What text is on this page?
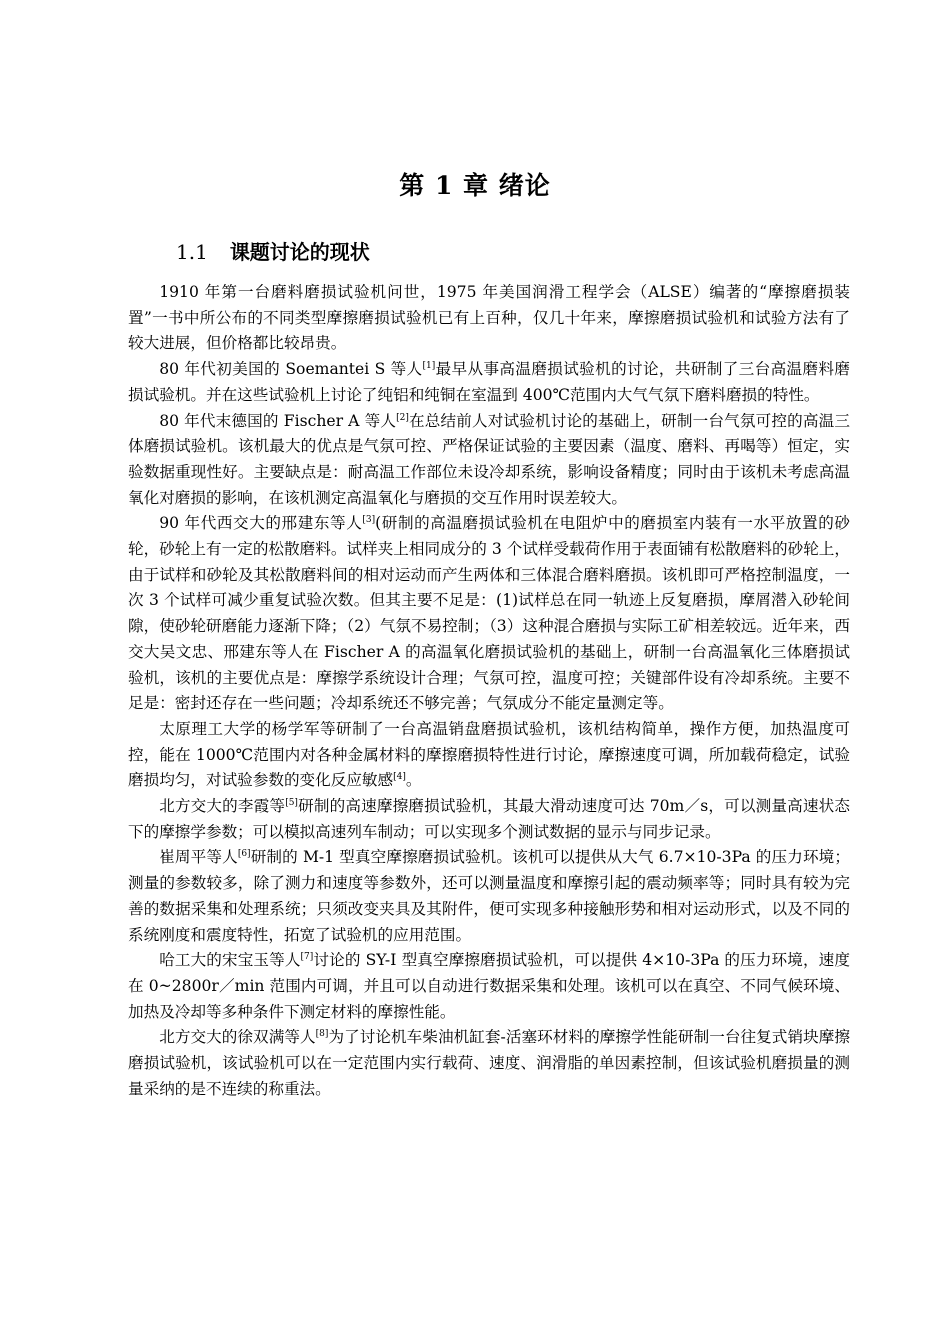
第 1 章 绪论
1.1 课题讨论的现状

1910 年第一台磨料磨损试验机问世，1975 年美国润滑工程学会（ALSE）编著的“摩擦磨损装置”一书中所公布的不同类型摩擦磨损试验机已有上百种，仅几十年来，摩擦磨损试验机和试验方法有了较大进展，但价格都比较昂贵。

80 年代初美国的 Soemantei S 等人[1]最早从事高温磨损试验机的讨论，共研制了三台高温磨料磨损试验机。并在这些试验机上讨论了纯铝和纯铜在室温到 400℃范围内大气气氛下磨料磨损的特性。

80 年代末德国的 Fischer A 等人[2]在总结前人对试验机讨论的基础上，研制一台气氛可控的高温三体磨损试验机。该机最大的优点是气氛可控、严格保证试验的主要因素（温度、磨料、再喝等）恒定，实验数据重现性好。主要缺点是：耐高温工作部位未设冷却系统，影响设备精度；同时由于该机未考虑高温氧化对磨损的影响，在该机测定高温氧化与磨损的交互作用时误差较大。

90 年代西交大的邢建东等人[3](研制的高温磨损试验机在电阻炉中的磨损室内装有一水平放置的砂轮，砂轮上有一定的松散磨料。试样夹上相同成分的 3 个试样受载荷作用于表面铺有松散磨料的砂轮上，由于试样和砂轮及其松散磨料间的相对运动而产生两体和三体混合磨料磨损。该机即可严格控制温度，一次 3 个试样可减少重复试验次数。但其主要不足是：(1)试样总在同一轨迹上反复磨损，摩屑潜入砂轮间隙，使砂轮研磨能力逐渐下降；（2）气氛不易控制；（3）这种混合磨损与实际工矿相差较远。近年来，西交大吴文忠、邢建东等人在 Fischer A 的高温氧化磨损试验机的基础上，研制一台高温氧化三体磨损试验机，该机的主要优点是：摩擦学系统设计合理；气氛可控，温度可控；关键部件设有冷却系统。主要不足是：密封还存在一些问题；冷却系统还不够完善；气氛成分不能定量测定等。

太原理工大学的杨学军等研制了一台高温销盘磨损试验机，该机结构简单，操作方便，加热温度可控，能在 1000℃范围内对各种金属材料的摩擦磨损特性进行讨论，摩擦速度可调，所加载荷稳定，试验磨损均匀，对试验参数的变化反应敏感[4]。

北方交大的李霞等[5]研制的高速摩擦磨损试验机，其最大滑动速度可达 70m／s，可以测量高速状态下的摩擦学参数；可以模拟高速列车制动；可以实现多个测试数据的显示与同步记录。

崔周平等人[6]研制的 M-1 型真空摩擦磨损试验机。该机可以提供从大气 6.7×10-3Pa 的压力环境；测量的参数较多，除了测力和速度等参数外，还可以测量温度和摩擦引起的震动频率等；同时具有较为完善的数据采集和处理系统；只须改变夹具及其附件，便可实现多种接触形势和相对运动形式，以及不同的系统刚度和震度特性，拓宽了试验机的应用范围。

哈工大的宋宝玉等人[7]讨论的 SY-Ⅰ 型真空摩擦磨损试验机，可以提供 4×10-3Pa 的压力环境，速度在 0~2800r／min 范围内可调，并且可以自动进行数据采集和处理。该机可以在真空、不同气候环境、加热及冷却等多种条件下测定材料的摩擦性能。

北方交大的徐双满等人[8]为了讨论机车柴油机缸套-活塞环材料的摩擦学性能研制一台往复式销块摩擦磨损试验机，该试验机可以在一定范围内实行载荷、速度、润滑脂的单因素控制，但该试验机磨损量的测量采纳的是不连续的称重法。
